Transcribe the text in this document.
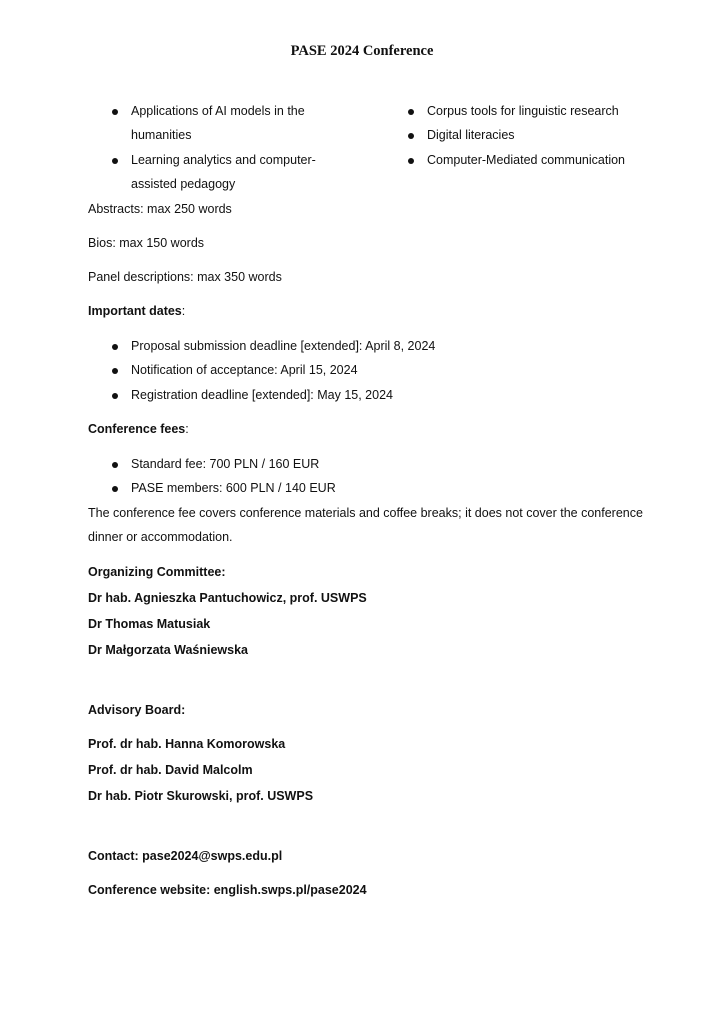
PASE 2024 Conference
Applications of AI models in the
humanities
Learning analytics and computer-
assisted pedagogy
Corpus tools for linguistic research
Digital literacies
Computer-Mediated communication
Abstracts: max 250 words
Bios: max 150 words
Panel descriptions: max 350 words
Important dates:
Proposal submission deadline [extended]: April 8, 2024
Notification of acceptance: April 15, 2024
Registration deadline [extended]: May 15, 2024
Conference fees:
Standard fee: 700 PLN / 160 EUR
PASE members: 600 PLN / 140 EUR
The conference fee covers conference materials and coffee breaks; it does not cover the conference
dinner or accommodation.
Organizing Committee:
Dr hab. Agnieszka Pantuchowicz, prof. USWPS
Dr Thomas Matusiak
Dr Małgorzata Waśniewska
Advisory Board:
Prof. dr hab. Hanna Komorowska
Prof. dr hab. David Malcolm
Dr hab. Piotr Skurowski, prof. USWPS
Contact: pase2024@swps.edu.pl
Conference website: english.swps.pl/pase2024
